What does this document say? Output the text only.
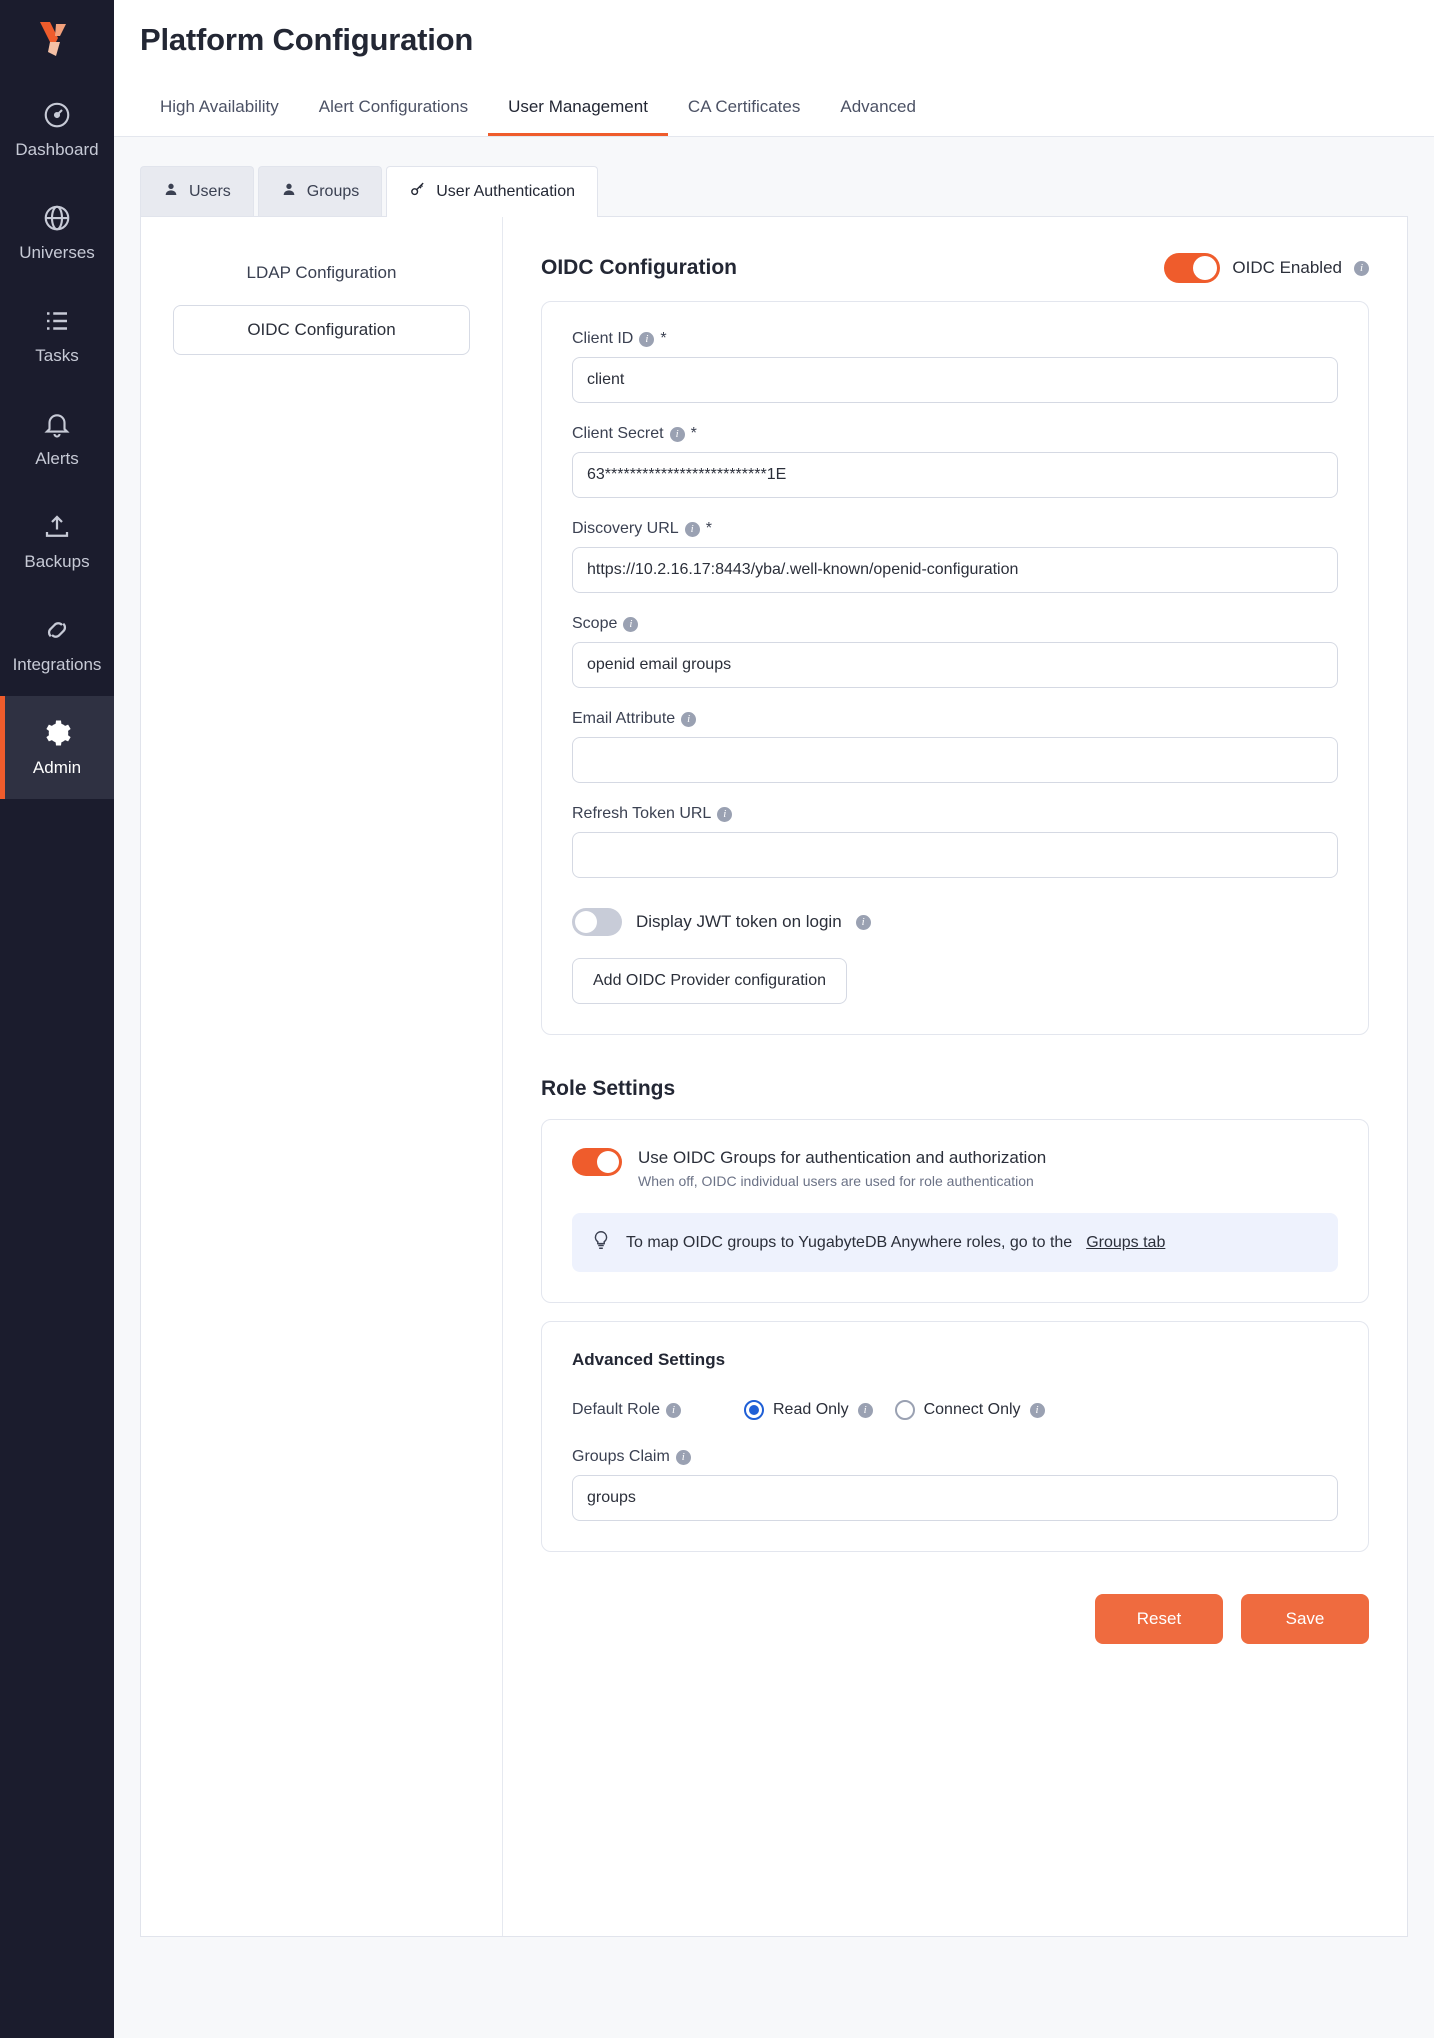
Dashboard
Universes
Tasks
Alerts
Backups
Integrations
Admin
Platform Configuration
High Availability	Alert Configurations	User Management	CA Certificates	Advanced
Users	Groups	User Authentication
LDAP Configuration
OIDC Configuration
OIDC Configuration	OIDC Enabled	i
Client ID	i *
client
Client Secret	i *
63**************************1E
Discovery URL	i *
https://10.2.16.17:8443/yba/.well-known/openid-configuration
Scope	i
openid email groups
Email Attribute	i
Refresh Token URL	i
Display JWT token on login	i
Add OIDC Provider configuration
Role Settings
Use OIDC Groups for authentication and authorization
When off, OIDC individual users are used for role authentication
To map OIDC groups to YugabyteDB Anywhere roles, go to the Groups tab
Advanced Settings
Default Role	i	Read Only	i	Connect Only	i
Groups Claim	i
groups
Reset	Save
